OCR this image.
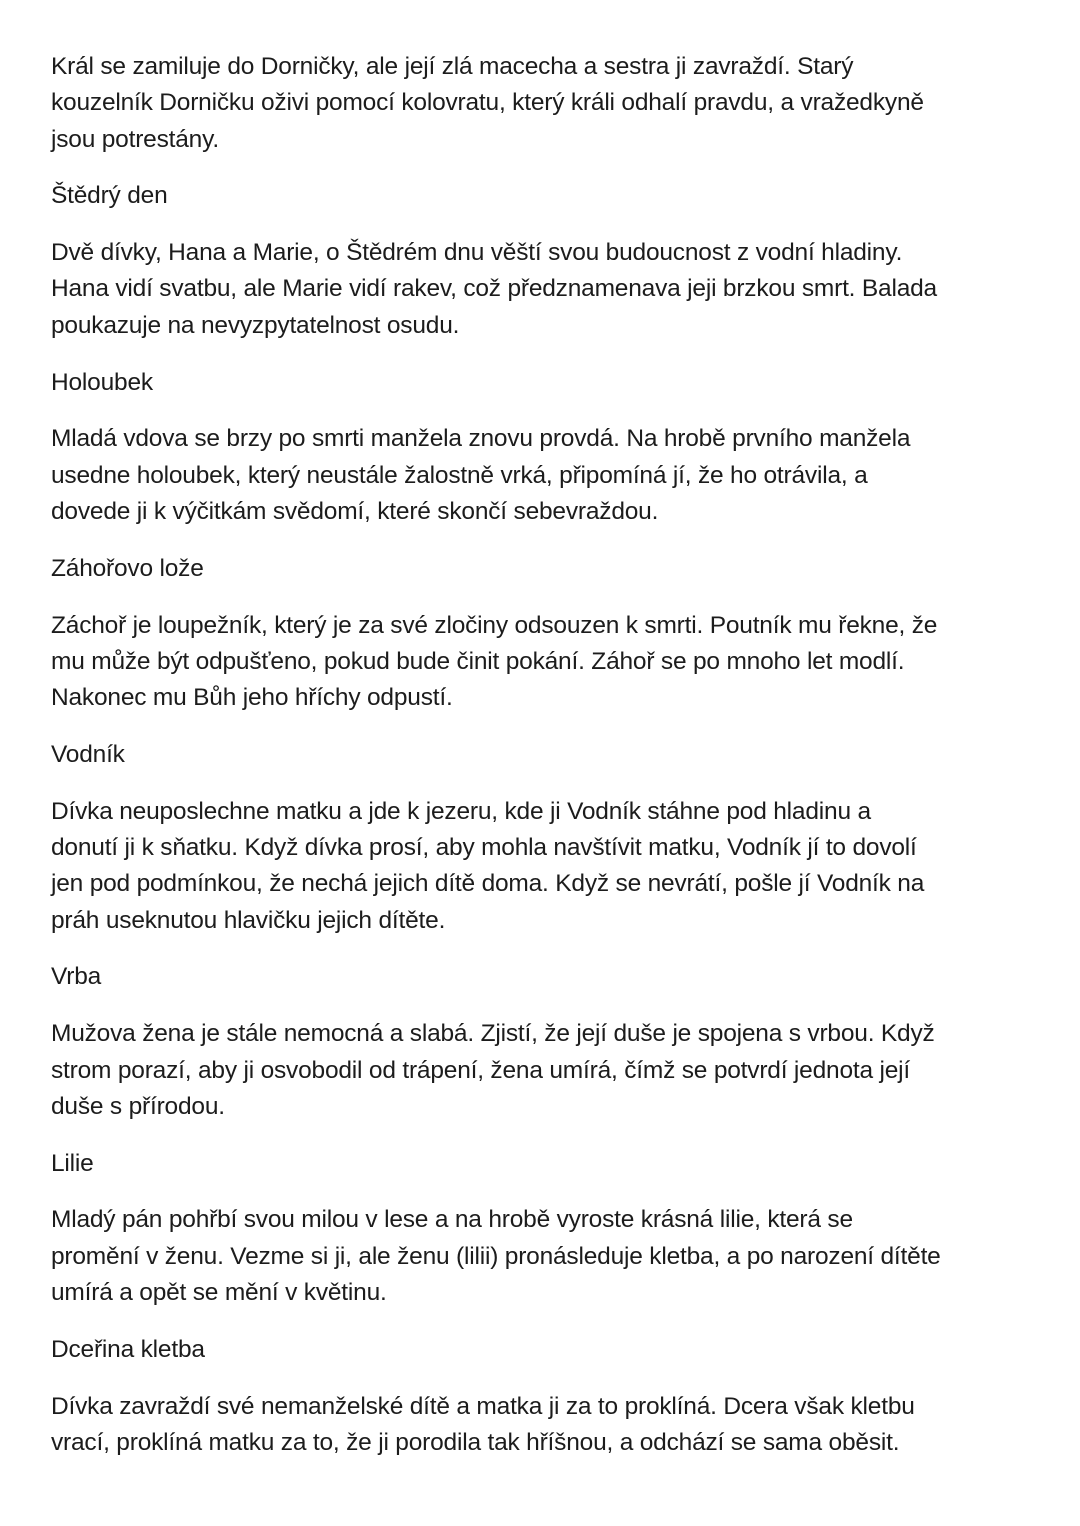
Král se zamiluje do Dorničky, ale její zlá macecha a sestra ji zavraždí. Starý
kouzelník Dorničku oživi pomocí kolovratu, který králi odhalí pravdu, a vražedkyně
jsou potrestány.

Štědrý den

Dvě dívky, Hana a Marie, o Štědrém dnu věští svou budoucnost z vodní hladiny.
Hana vidí svatbu, ale Marie vidí rakev, což předznamenava jeji brzkou smrt. Balada
poukazuje na nevyzpytatelnost osudu.

Holoubek

Mladá vdova se brzy po smrti manžela znovu provdá. Na hrobě prvního manžela
usedne holoubek, který neustále žalostně vrká, připomíná jí, že ho otrávila, a
dovede ji k výčitkám svědomí, které skončí sebevraždou.

Záhořovo lože

Záchoř je loupežník, který je za své zločiny odsouzen k smrti. Poutník mu řekne, že
mu může být odpušťeno, pokud bude činit pokání. Záhoř se po mnoho let modlí.
Nakonec mu Bůh jeho hříchy odpustí.

Vodník

Dívka neuposlechne matku a jde k jezeru, kde ji Vodník stáhne pod hladinu a
donutí ji k sňatku. Když dívka prosí, aby mohla navštívit matku, Vodník jí to dovolí
jen pod podmínkou, že nechá jejich dítě doma. Když se nevrátí, pošle jí Vodník na
práh useknutou hlavičku jejich dítěte.

Vrba

Mužova žena je stále nemocná a slabá. Zjistí, že její duše je spojena s vrbou. Když
strom porazí, aby ji osvobodil od trápení, žena umírá, čímž se potvrdí jednota její
duše s přírodou.

Lilie

Mladý pán pohřbí svou milou v lese a na hrobě vyroste krásná lilie, která se
promění v ženu. Vezme si ji, ale ženu (lilii) pronásleduje kletba, a po narození dítěte
umírá a opět se mění v květinu.

Dceřina kletba

Dívka zavraždí své nemanželské dítě a matka ji za to proklíná. Dcera však kletbu
vrací, proklíná matku za to, že ji porodila tak hříšnou, a odchází se sama oběsit.
